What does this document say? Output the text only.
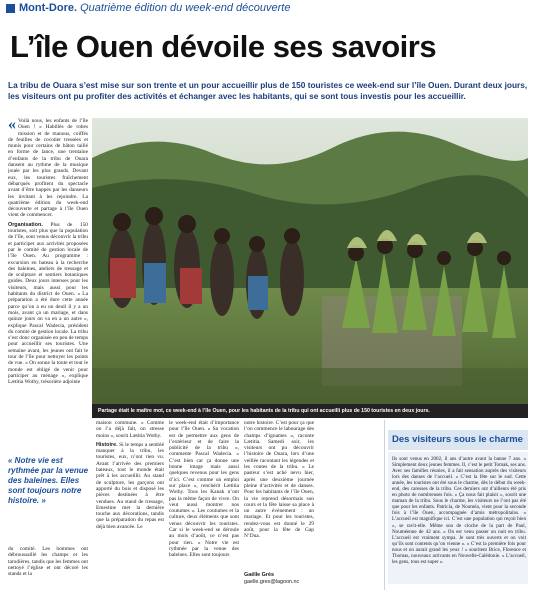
Mont-Dore. Quatrième édition du week-end découverte
L’île Ouen dévoile ses savoirs
La tribu de Ouara s’est mise sur son trente et un pour accueillir plus de 150 touristes ce week-end sur l’île Ouen. Durant deux jours, les visiteurs ont pu profiter des activités et échanger avec les habitants, qui se sont tous investis pour les accueillir.

« Voilà nous, les enfants de l’île Ouen ! » Habillés de robes mission et de manous, coiffés de feuilles de cocotier tressées et munis pour certains de bâton taillé en forme de lance, une trentaine d’enfants de la tribu de Ouara dansent au rythme de la musique jouée par les plus grands. Devant eux, les touristes fraîchement débarqués profitent du spectacle avant d’être happés par les danseurs les invitant à les rejoindre. La quatrième édition du week-end découverte et partage à l’île Ouen vient de commencer.

Organisation. Plus de 150 touristes, soit plus que la population de l’île, sont venus découvrir la tribu et participer aux activités proposées par le comité de gestion locale de l’île Ouen. Au programme : excursion en bateau à la recherche des baleines, ateliers de tressage et de sculpture et sentiers botaniques guidés. Deux jours intenses pour les visiteurs, mais aussi pour les habitants du district de Ouen. « La préparation a été dure cette année parce qu’on a eu un deuil il y a un mois, avant ça un mariage, et dans quinze jours on va en a un autre », explique Pascal Wadecia, président du comité de gestion locale. La tribu s’est donc organisée en peu de temps pour accueillir ses touristes. Une semaine avant, les jeunes ont fait le tour de l’île pour nettoyer les points de vue. « On sonne la toute et tout le monde est obligé de venir pour participer au ménage », explique Lætitia Wothy, trésorière adjointe

« Notre vie est rythmée par la venue des baleines. Elles sont toujours notre histoire. »
du comité. Les hommes ont débroussaillé les champs et les tarodières, tandis que les femmes ont nettoyé l’église et ont décoré les stands et la
Partage était le maître mot, ce week-end à l’île Ouen, pour les habitants de la tribu qui ont accueilli plus de 150 touristes en deux jours.

maison commune. « Comme on l’a déjà fait, on stresse moins », sourit Lætitia Wothy.

Histoire. Si le temps a semblé manquer à la tribu, les touristes, eux, n’ont rien vu. Avant l’arrivée des premiers bateaux, tout le monde était prêt à les accueillir. Au stand de sculpture, les garçons ont apporté du bois et disposé les pièces destinées à être vendues. Au stand de tressage, Emestine met la dernière touche aux décorations, tandis que la préparation du repas est déjà bien avancée. Le

le week-end était d’importance pour l’île Ouen. « Sa vocation est de permettre aux gens de l’extérieur et de faire la publicité de la tribu », commente Pascal Wadecia. « C’est bien car ça donne une bonne image mais aussi quelques revenus pour les gens d’ici. C’est comme un emploi sur place », renchérit Lætitia Wothy. Tous les Kanak n’ont pas la même façon de vivre. On veut aussi montrer nos coutumes ». Les coutumes et la culture, deux éléments que sont venus découvrir les touristes. Car si le week-end se déroule au mois d’août, ce n’est pas pour rien. « Notre vie est rythmée par la venue des baleines. Elles sont toujours
notre histoire. C’est pour ça que l’on commence le labourage des champs d’ignames », raconte Lætitia. Samedi soir, les visiteurs ont pu découvrir l’histoire de Ouara, lors d’une veillée racontant les légendes et les contes de la tribu. « Le pasteur s’est aché nevu hier, après une deuxième journée pleine d’activités et de danses. Pour les habitants de l’île Ouen, la vie reprend désormais son cours et la fête laisse sa place à un autre événement : un mariage. Et pour les touristes, rendez-vous est donné le 29 août, pour la fête de Gap N’Dua.
Gaëlle Grès
gaelle.gres@lagoon.nc
Des visiteurs sous le charme
Ils sont venus en 2002, il ans d’autre avant la banne 7 ans. « Simplement deux jeunes femmes. Il, c’est le petit Tomak, ses ans. Avec ses familles réunies, il a fait sensation auprès des visiteurs lors des danses de l’accueil. « C’est la fête sur le sud. Cette année, les touristes ont été sous le charme, dès le début du week-end, des caresses de la tribu. Ces derniers ont d’ailleurs été pris en photo de nombreuses fois. « Ça nous fait plaisir », sourit une maman de la tribu. Sous le charme, les visiteurs ne l’ont pas été que pour les enfants. Patricia, de Nouméa, vient pour la seconde fois à l’île Ouen, accompagnée d’amis métropolitains. « L’accueil est magnifique ici. C’est une population qui reçoit bien », se ravit-elle. Même son de cloche de la part de Paul, Nouméenne de 42 ans. « On est venu passer un nuit en tribu. L’accueil est vraiment sympa. Je sont très ouverts et on voit qu’ils sont contents qu’on vienne ». « C’est la première fois pour nous et on aurait grand les yeux ! » souritent Brice, Florence et Thomas, nouveaux arrivants en Nouvelle-Calédonie. « L’accueil, les gens, tous est super ».
